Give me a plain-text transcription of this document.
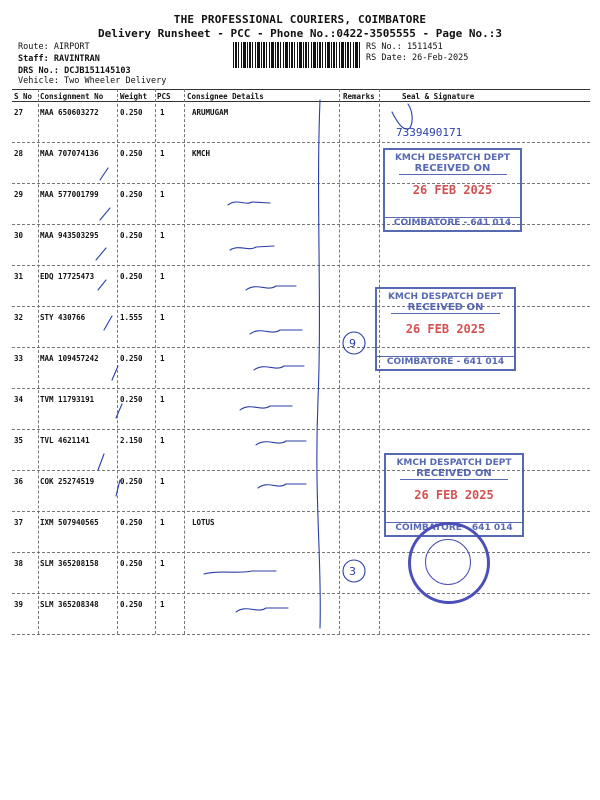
THE PROFESSIONAL COURIERS, COIMBATORE
Delivery Runsheet - PCC - Phone No.:0422-3505555 - Page No.:3
Route: AIRPORT
Staff: RAVINTRAN
DRS No.: DCJB151145103
Vehicle: Two Wheeler Delivery
RS No.: 1511451
RS Date: 26-Feb-2025
S No Consignment No Weight PCS Consignee Details	Remarks	Seal & Signature
27 MAA 650603272	0.250 1	ARUMUGAM
28 MAA 707074136	0.250 1	KMCH
29 MAA 577001799	0.250 1
30 MAA 943503295	0.250 1
31 EDQ 17725473	0.250 1
32 STY 430766	1.555 1
33 MAA 109457242	0.250 1
34 TVM 11793191	0.250 1
35 TVL 4621141	2.150 1
36 COK 25274519	0.250 1
37 IXM 507940565	0.250 1	LOTUS
38 SLM 365208158	0.250 1
39 SLM 365208348	0.250 1
7339490171
9
3
KMCH DESPATCH DEPT
RECEIVED ON
26 FEB 2025
COIMBATORE - 641 014
KMCH DESPATCH DEPT
RECEIVED ON
26 FEB 2025
COIMBATORE - 641 014
KMCH DESPATCH DEPT
RECEIVED ON
26 FEB 2025
COIMBATORE - 641 014
